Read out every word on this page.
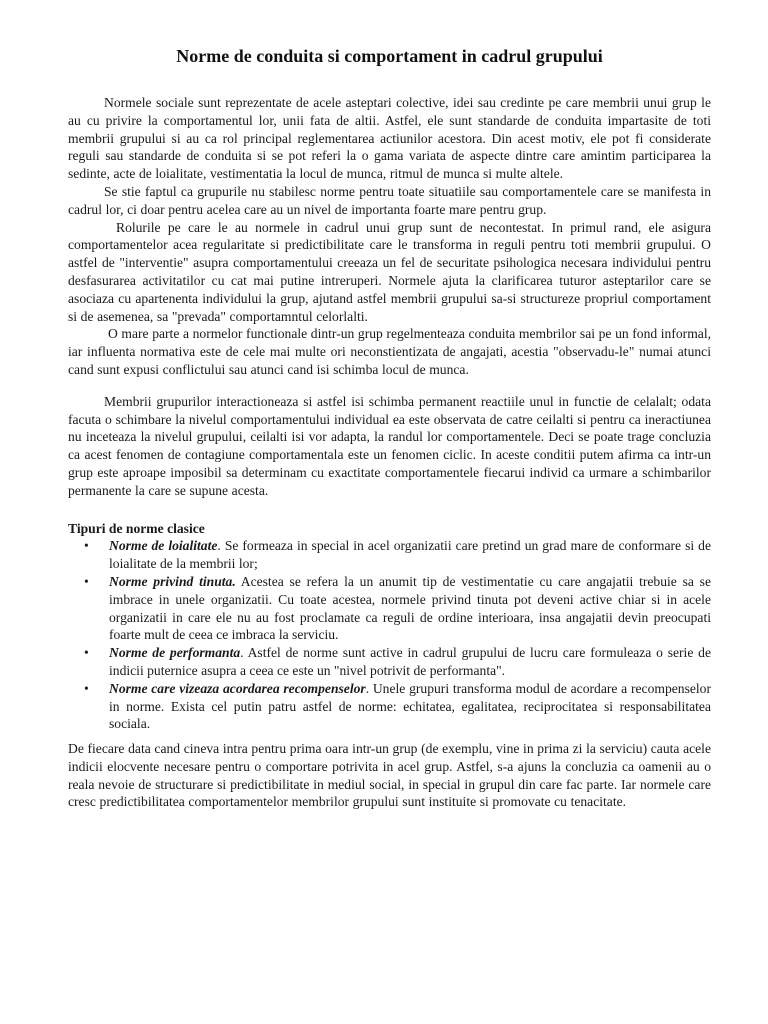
Norme de conduita si comportament in cadrul grupului

Normele sociale sunt reprezentate de acele asteptari colective, idei sau credinte pe care membrii unui grup le au cu privire la comportamentul lor, unii fata de altii. Astfel, ele sunt standarde de conduita impartasite de toti membrii grupului si au ca rol principal reglementarea actiunilor acestora. Din acest motiv, ele pot fi considerate reguli sau standarde de conduita si se pot referi la o gama variata de aspecte dintre care amintim participarea la sedinte, acte de loialitate, vestimentatia la locul de munca, ritmul de munca si multe altele.

Se stie faptul ca grupurile nu stabilesc norme pentru toate situatiile sau comportamentele care se manifesta in cadrul lor, ci doar pentru acelea care au un nivel de importanta foarte mare pentru grup.

Rolurile pe care le au normele in cadrul unui grup sunt de necontestat. In primul rand, ele asigura comportamentelor acea regularitate si predictibilitate care le transforma in reguli pentru toti membrii grupului. O astfel de "interventie" asupra comportamentului creeaza un fel de securitate psihologica necesara individului pentru desfasurarea activitatilor cu cat mai putine intreruperi. Normele ajuta la clarificarea tuturor asteptarilor care se asociaza cu apartenenta individului la grup, ajutand astfel membrii grupului sa-si structureze propriul comportament si de asemenea, sa "prevada" comportamntul celorlalti.

O mare parte a normelor functionale dintr-un grup regelmenteaza conduita membrilor sai pe un fond informal, iar influenta normativa este de cele mai multe ori neconstientizata de angajati, acestia "observadu-le" numai atunci cand sunt expusi conflictului sau atunci cand isi schimba locul de munca.

Membrii grupurilor interactioneaza si astfel isi schimba permanent reactiile unul in functie de celalalt; odata facuta o schimbare la nivelul comportamentului individual ea este observata de catre ceilalti si pentru ca ineractiunea nu inceteaza la nivelul grupului, ceilalti isi vor adapta, la randul lor comportamentele. Deci se poate trage concluzia ca acest fenomen de contagiune comportamentala este un fenomen ciclic. In aceste conditii putem afirma ca intr-un grup este aproape imposibil sa determinam cu exactitate comportamentele fiecarui individ ca urmare a schimbarilor permanente la care se supune acesta.

Tipuri de norme clasice
• Norme de loialitate. Se formeaza in special in acel organizatii care pretind un grad mare de conformare si de loialitate de la membrii lor;
• Norme privind tinuta. Acestea se refera la un anumit tip de vestimentatie cu care angajatii trebuie sa se imbrace in unele organizatii. Cu toate acestea, normele privind tinuta pot deveni active chiar si in acele organizatii in care ele nu au fost proclamate ca reguli de ordine interioara, insa angajatii devin preocupati foarte mult de ceea ce imbraca la serviciu.
• Norme de performanta. Astfel de norme sunt active in cadrul grupului de lucru care formuleaza o serie de indicii puternice asupra a ceea ce este un "nivel potrivit de performanta".
• Norme care vizeaza acordarea recompenselor. Unele grupuri transforma modul de acordare a recompenselor in norme. Exista cel putin patru astfel de norme: echitatea, egalitatea, reciprocitatea si responsabilitatea sociala.

De fiecare data cand cineva intra pentru prima oara intr-un grup (de exemplu, vine in prima zi la serviciu) cauta acele indicii elocvente necesare pentru o comportare potrivita in acel grup. Astfel, s-a ajuns la concluzia ca oamenii au o reala nevoie de structurare si predictibilitate in mediul social, in special in grupul din care fac parte. Iar normele care cresc predictibilitatea comportamentelor membrilor grupului sunt instituite si promovate cu tenacitate.
